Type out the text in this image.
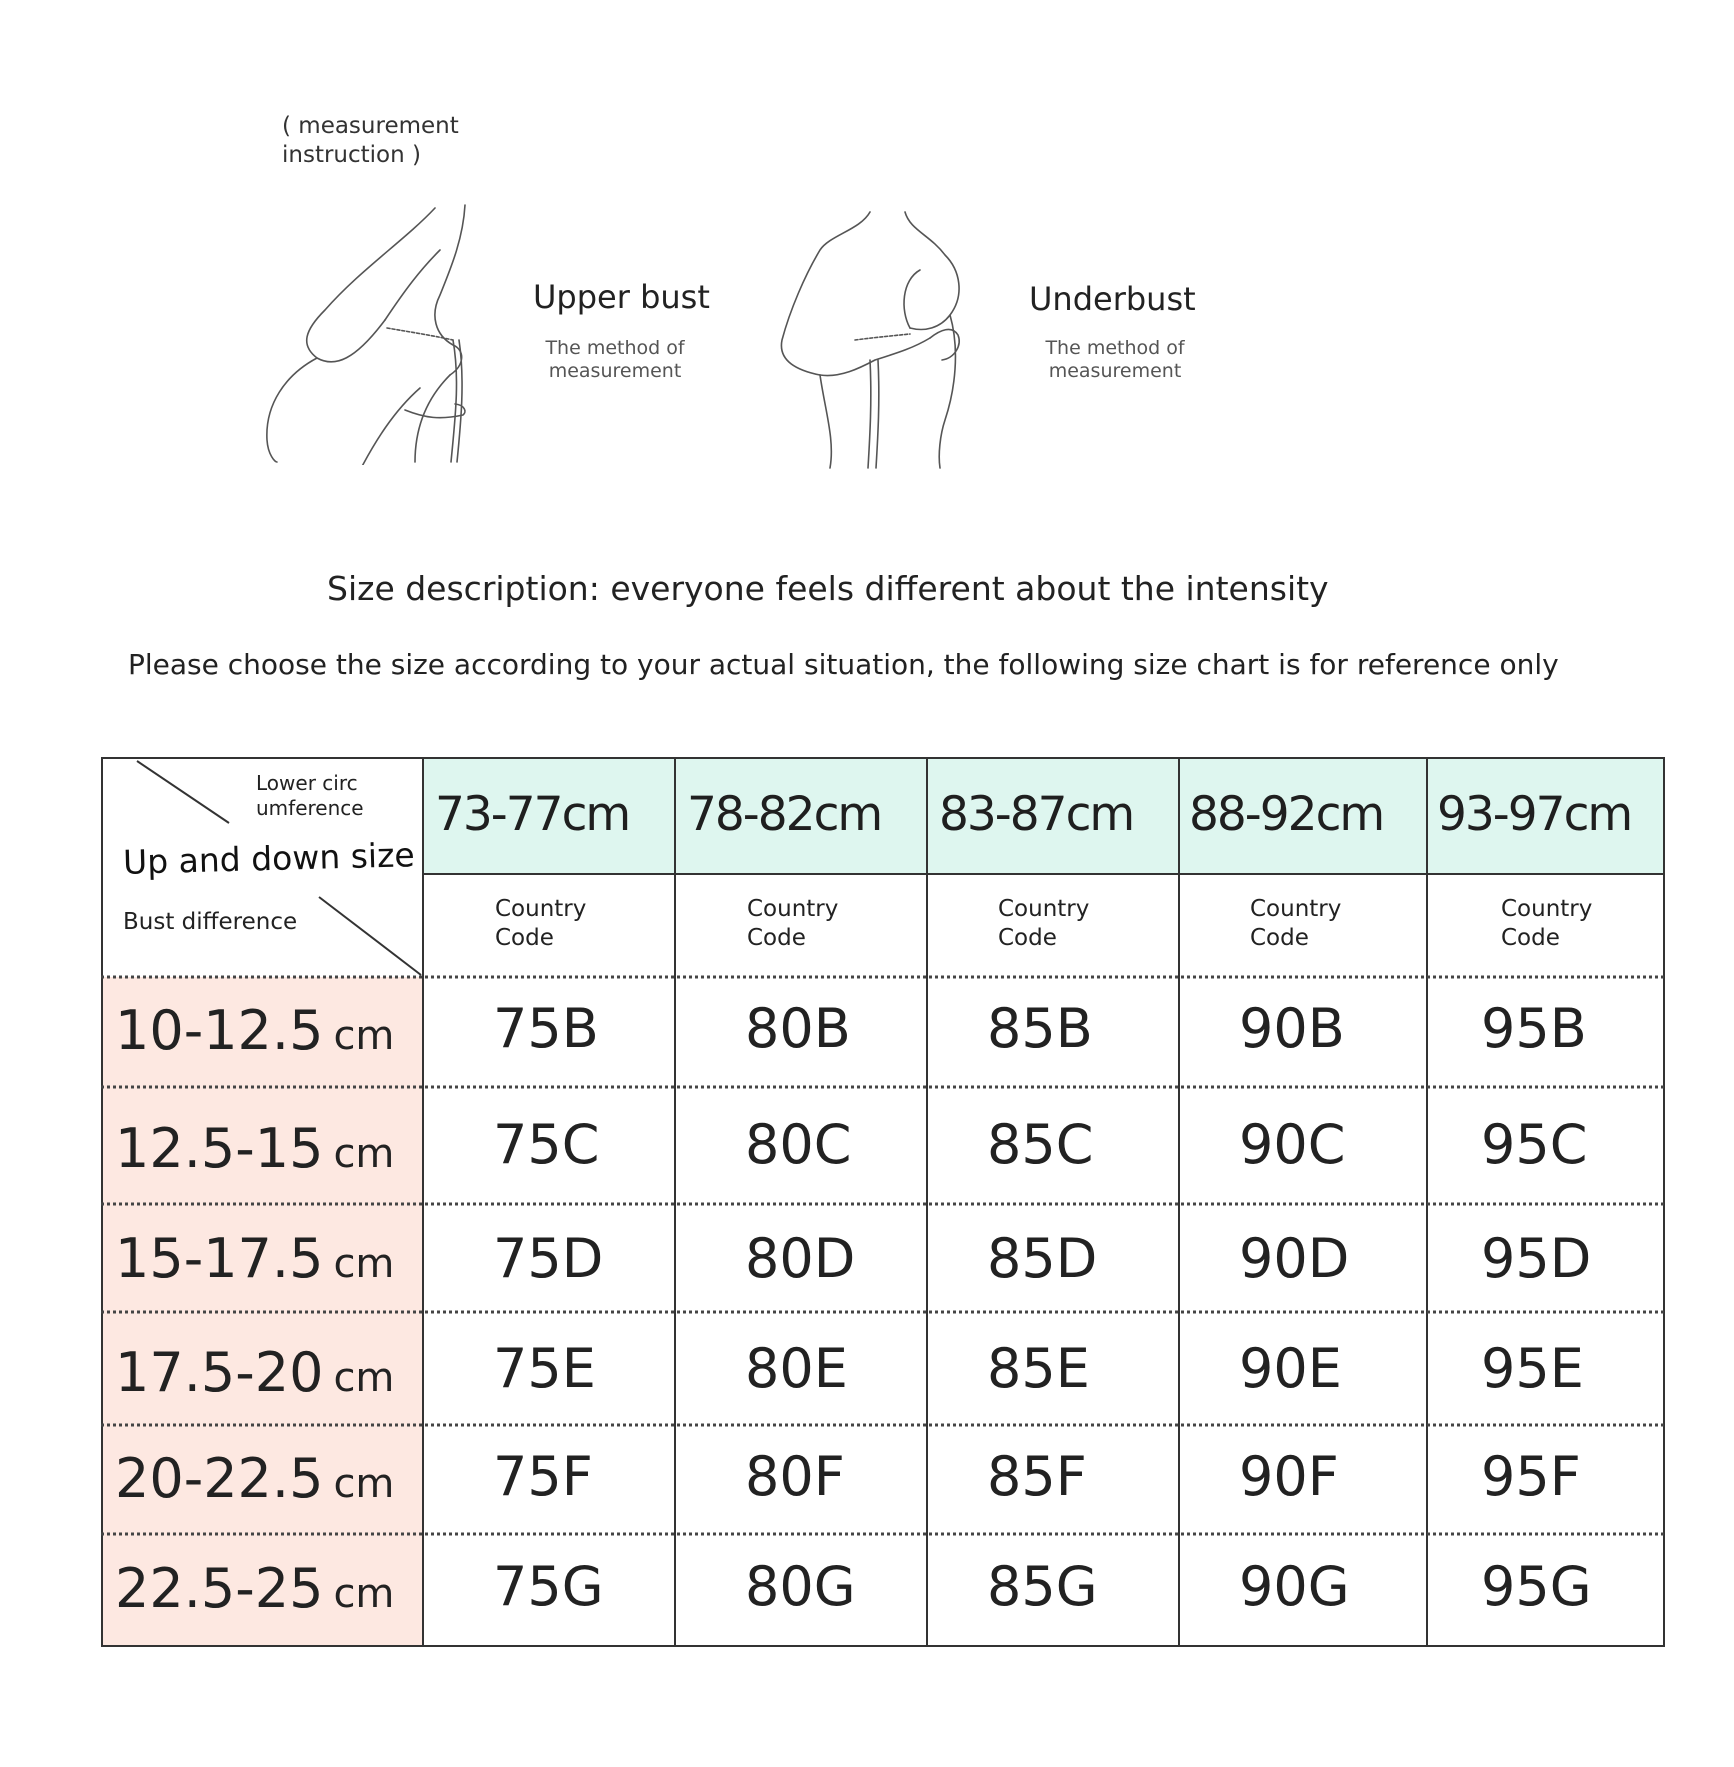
( measurement instruction )
Upper bust
The method of measurement
Underbust
The method of measurement
Size description: everyone feels different about the intensity
Please choose the size according to your actual situation, the following size chart is for reference only
Lower circ umference
Up and down size
Bust difference
73-77cm 78-82cm 83-87cm 88-92cm 93-97cm
Country Code
Country Code
Country Code
Country Code
Country Code
10-12.5 cm 75B	80B	85B	90B	95B
12.5-15 cm 75C	80C	85C	90C	95C
15-17.5 cm 75D	80D 85D	90D 95D
17.5-20 cm 75E	80E	85E	90E	95E
20-22.5 cm 75F	80F	85F	90F	95F
22.5-25 cm 75G	80G 85G	90G 95G
